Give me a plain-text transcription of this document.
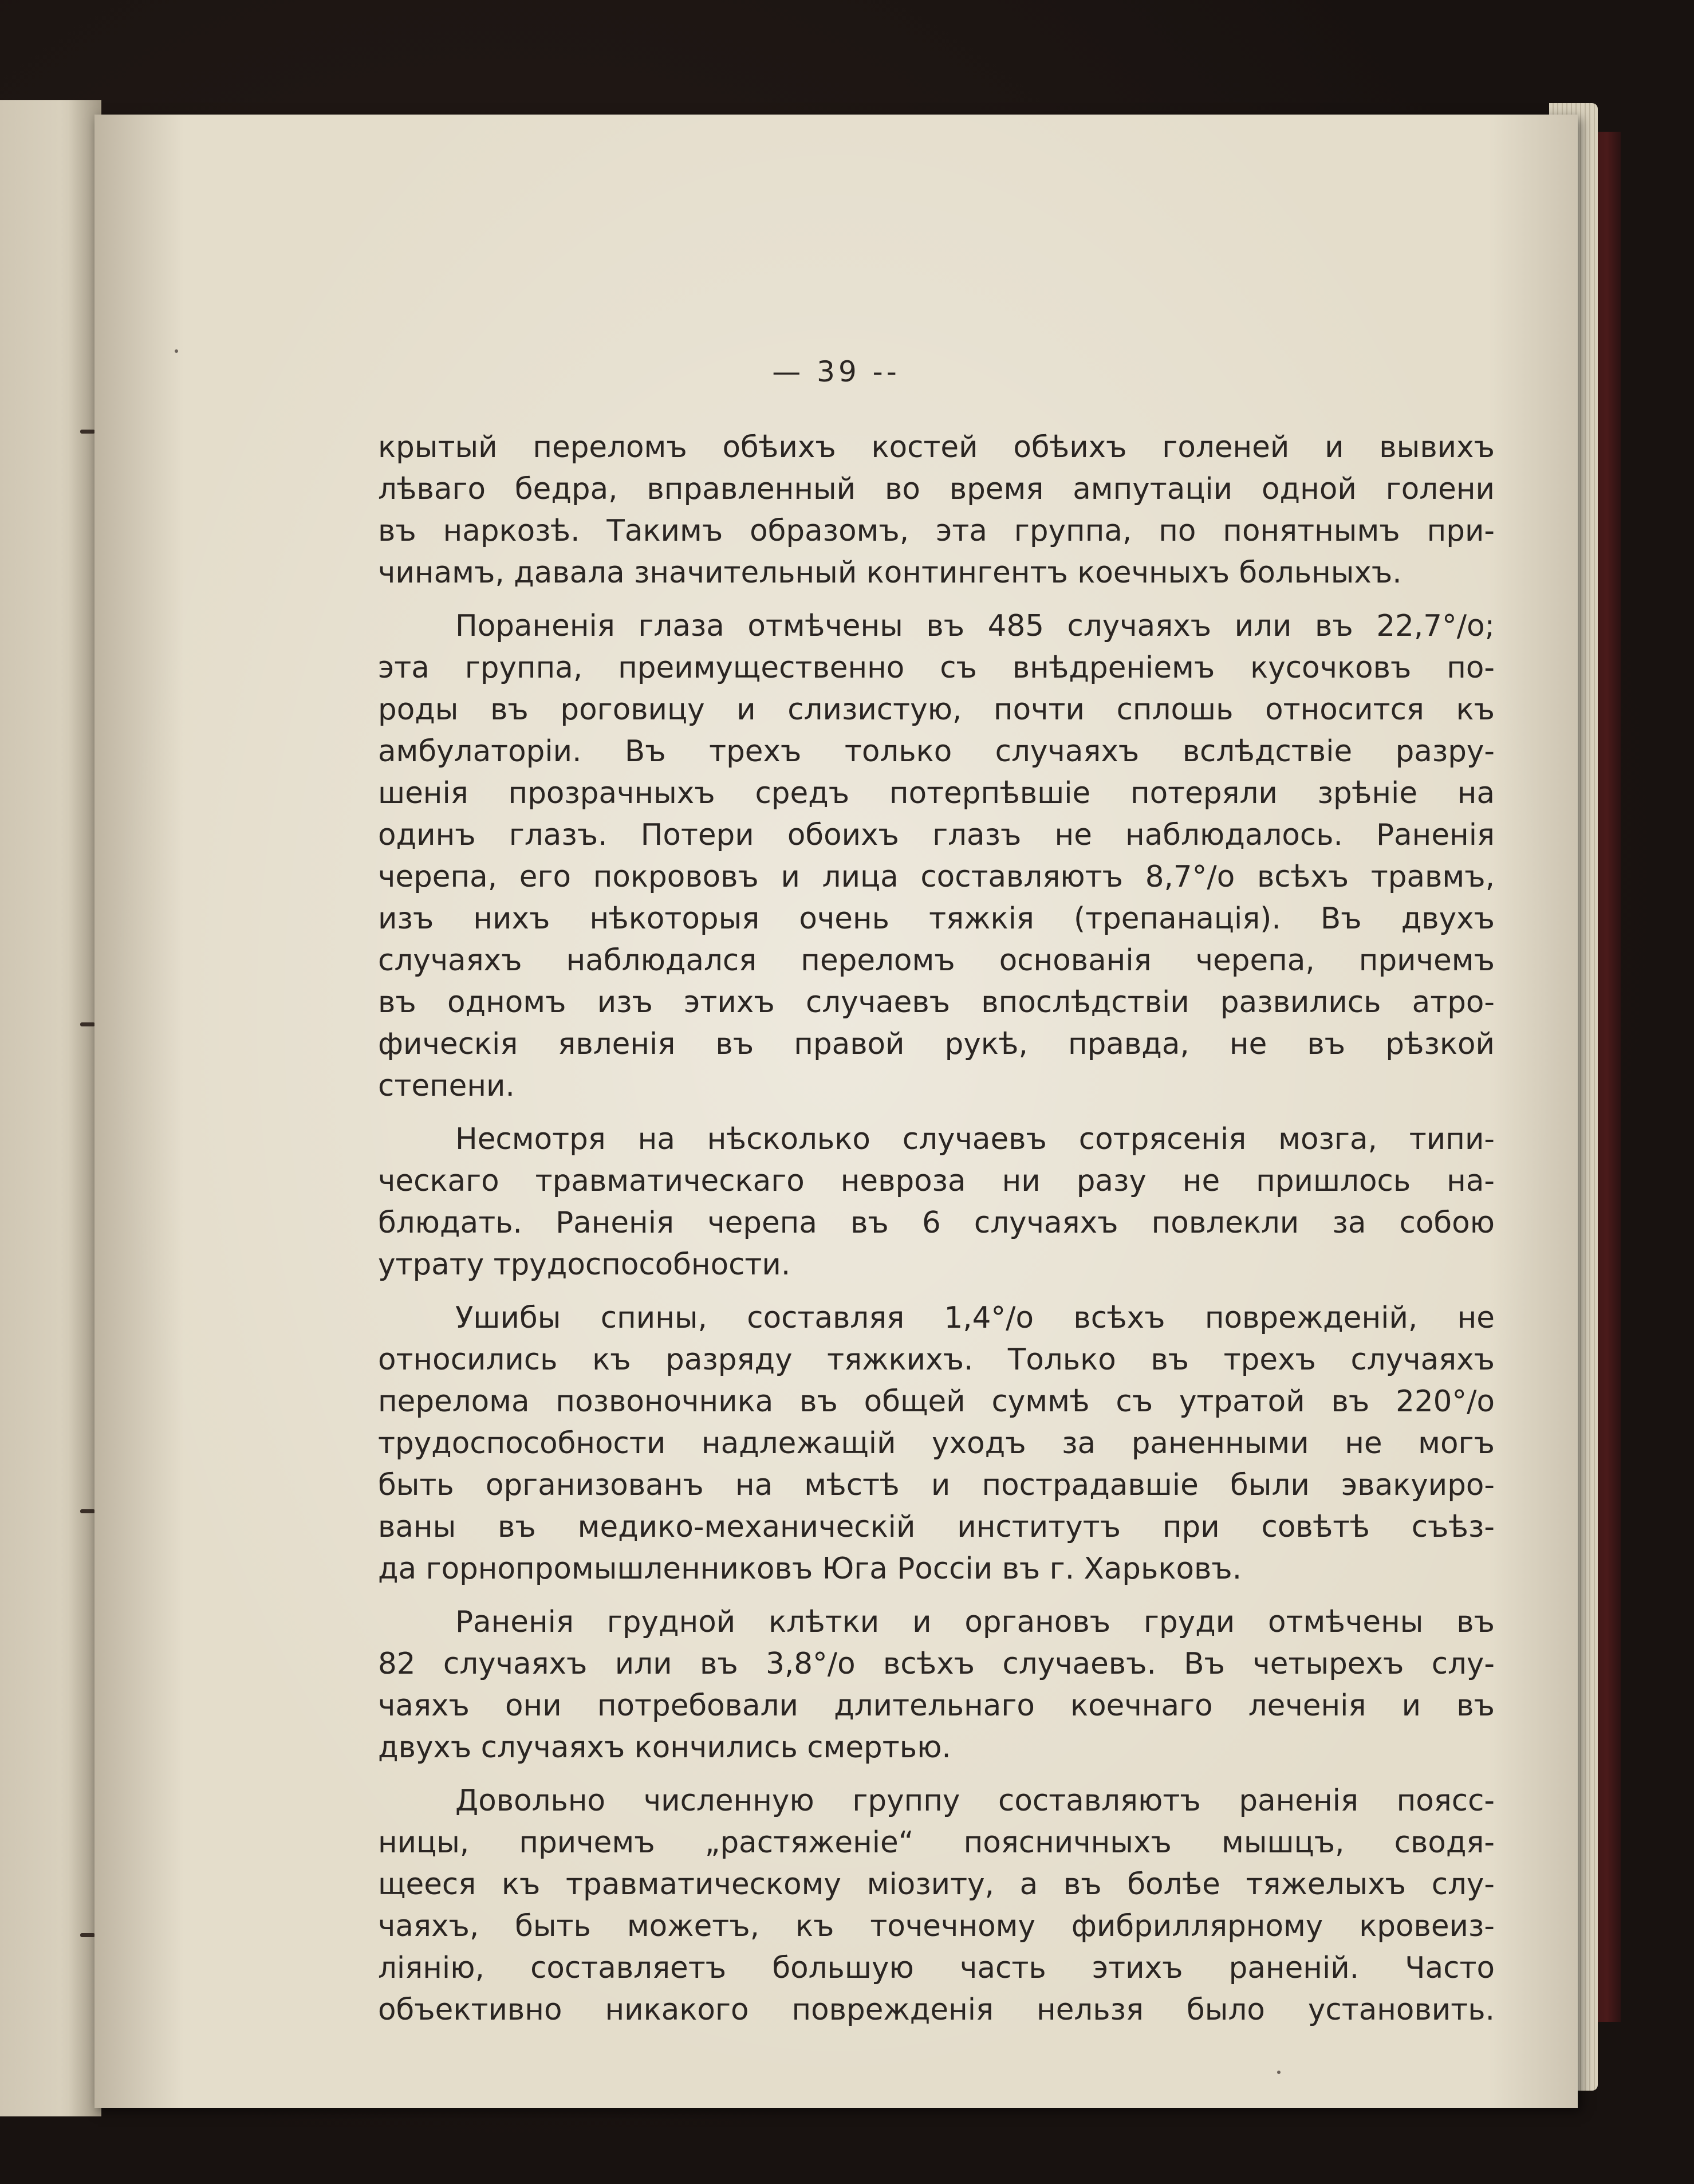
— 39 --
крытый переломъ обѣихъ костей обѣихъ голеней и вывихъ
лѣваго бедра, вправленный во время ампутаціи одной голени
въ наркозѣ. Такимъ образомъ, эта группа, по понятнымъ при-
чинамъ, давала значительный контингентъ коечныхъ больныхъ.
Пораненія глаза отмѣчены въ 485 случаяхъ или въ 22,7°/o;
эта группа, преимущественно съ внѣдреніемъ кусочковъ по-
роды въ роговицу и слизистую, почти сплошь относится къ
амбулаторіи. Въ трехъ только случаяхъ вслѣдствіе разру-
шенія прозрачныхъ средъ потерпѣвшіе потеряли зрѣніе на
одинъ глазъ. Потери обоихъ глазъ не наблюдалось. Раненія
черепа, его покрововъ и лица составляютъ 8,7°/o всѣхъ травмъ,
изъ нихъ нѣкоторыя очень тяжкія (трепанація). Въ двухъ
случаяхъ наблюдался переломъ основанія черепа, причемъ
въ одномъ изъ этихъ случаевъ впослѣдствіи развились атро-
фическія явленія въ правой рукѣ, правда, не въ рѣзкой
степени.
Несмотря на нѣсколько случаевъ сотрясенія мозга, типи-
ческаго травматическаго невроза ни разу не пришлось на-
блюдать. Раненія черепа въ 6 случаяхъ повлекли за собою
утрату трудоспособности.
Ушибы спины, составляя 1,4°/o всѣхъ поврежденій, не
относились къ разряду тяжкихъ. Только въ трехъ случаяхъ
перелома позвоночника въ общей суммѣ съ утратой въ 220°/o
трудоспособности надлежащій уходъ за раненными не могъ
быть организованъ на мѣстѣ и пострадавшіе были эвакуиро-
ваны въ медико-механическій институтъ при совѣтѣ съѣз-
да горнопромышленниковъ Юга Россіи въ г. Харьковъ.
Раненія грудной клѣтки и органовъ груди отмѣчены въ
82 случаяхъ или въ 3,8°/o всѣхъ случаевъ. Въ четырехъ слу-
чаяхъ они потребовали длительнаго коечнаго леченія и въ
двухъ случаяхъ кончились смертью.
Довольно численную группу составляютъ раненія поясс-
ницы, причемъ „растяженіе“ поясничныхъ мышцъ, сводя-
щееся къ травматическому міозиту, а въ болѣе тяжелыхъ слу-
чаяхъ, быть можетъ, къ точечному фибриллярному кровеиз-
ліянію, составляетъ большую часть этихъ раненій. Часто
объективно никакого поврежденія нельзя было установить.
